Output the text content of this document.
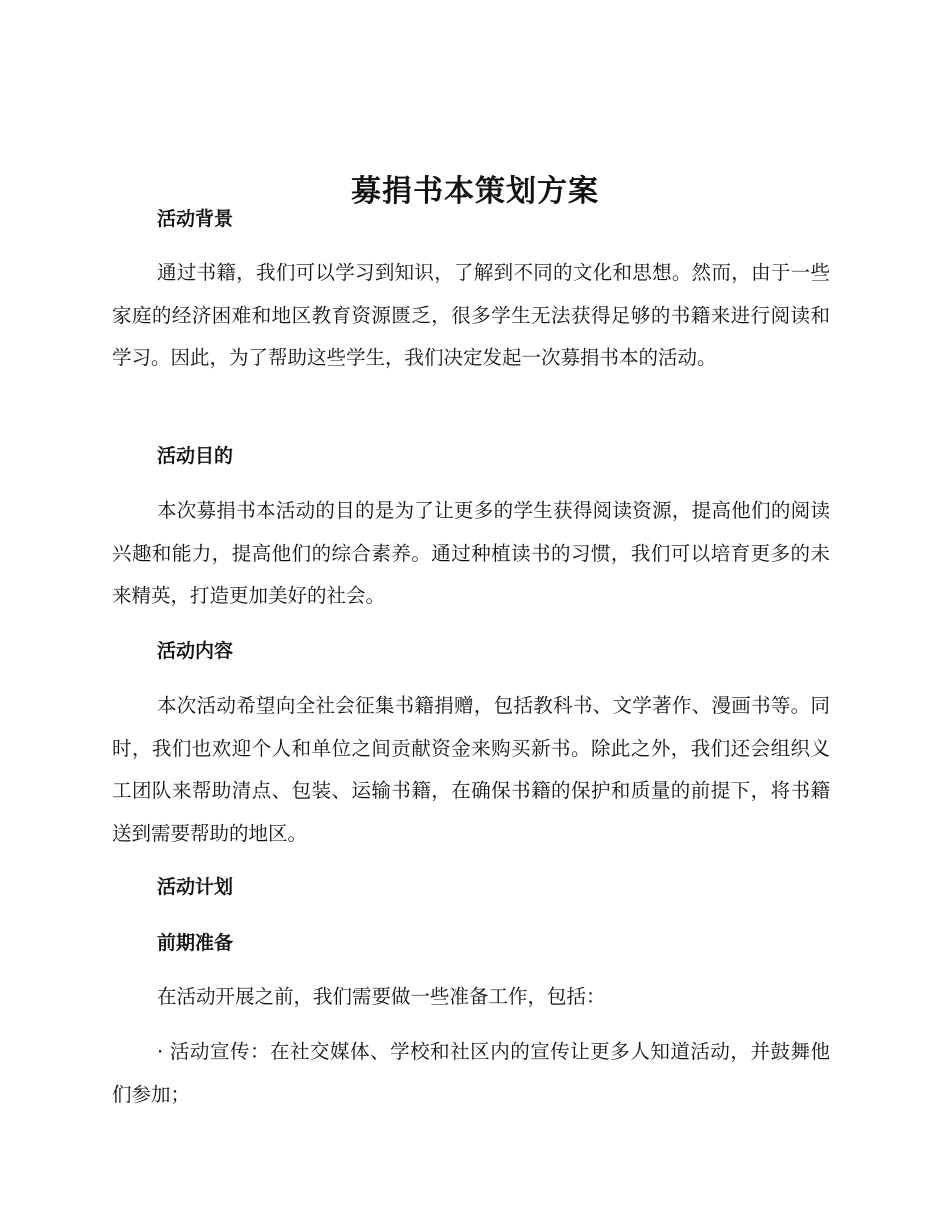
募捐书本策划方案
活动背景

通过书籍，我们可以学习到知识，了解到不同的文化和思想。然而，由于一些家庭的经济困难和地区教育资源匮乏，很多学生无法获得足够的书籍来进行阅读和学习。因此，为了帮助这些学生，我们决定发起一次募捐书本的活动。

活动目的

本次募捐书本活动的目的是为了让更多的学生获得阅读资源，提高他们的阅读兴趣和能力，提高他们的综合素养。通过种植读书的习惯，我们可以培育更多的未来精英，打造更加美好的社会。

活动内容

本次活动希望向全社会征集书籍捐赠，包括教科书、文学著作、漫画书等。同时，我们也欢迎个人和单位之间贡献资金来购买新书。除此之外，我们还会组织义工团队来帮助清点、包装、运输书籍，在确保书籍的保护和质量的前提下，将书籍送到需要帮助的地区。

活动计划
前期准备

在活动开展之前，我们需要做一些准备工作，包括：

· 活动宣传：在社交媒体、学校和社区内的宣传让更多人知道活动，并鼓舞他们参加；
